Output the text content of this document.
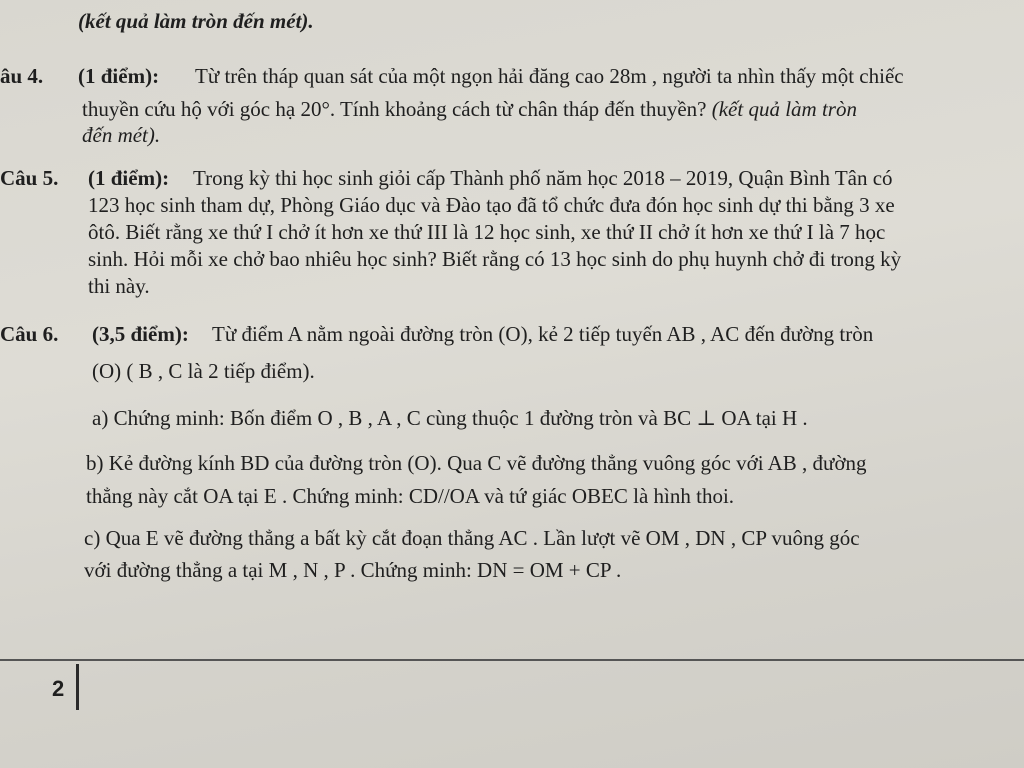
(kết quả làm tròn đến mét).
âu 4. (1 điểm): Từ trên tháp quan sát của một ngọn hải đăng cao 28m , người ta nhìn thấy một chiếc
thuyền cứu hộ với góc hạ 20°. Tính khoảng cách từ chân tháp đến thuyền? (kết quả làm tròn
đến mét).
Câu 5. (1 điểm): Trong kỳ thi học sinh giỏi cấp Thành phố năm học 2018 – 2019, Quận Bình Tân có
123 học sinh tham dự, Phòng Giáo dục và Đào tạo đã tổ chức đưa đón học sinh dự thi bằng 3 xe
ôtô. Biết rằng xe thứ I chở ít hơn xe thứ III là 12 học sinh, xe thứ II chở ít hơn xe thứ I là 7 học
sinh. Hỏi mỗi xe chở bao nhiêu học sinh? Biết rằng có 13 học sinh do phụ huynh chở đi trong kỳ
thi này.
Câu 6. (3,5 điểm): Từ điểm A nằm ngoài đường tròn (O), kẻ 2 tiếp tuyến AB , AC đến đường tròn
(O) ( B , C là 2 tiếp điểm).
a) Chứng minh: Bốn điểm O , B , A , C cùng thuộc 1 đường tròn và BC ⊥ OA tại H .
b) Kẻ đường kính BD của đường tròn (O). Qua C vẽ đường thẳng vuông góc với AB , đường
thẳng này cắt OA tại E . Chứng minh: CD//OA và tứ giác OBEC là hình thoi.
c) Qua E vẽ đường thẳng a bất kỳ cắt đoạn thẳng AC . Lần lượt vẽ OM , DN , CP vuông góc
với đường thẳng a tại M , N , P . Chứng minh: DN = OM + CP .
2
